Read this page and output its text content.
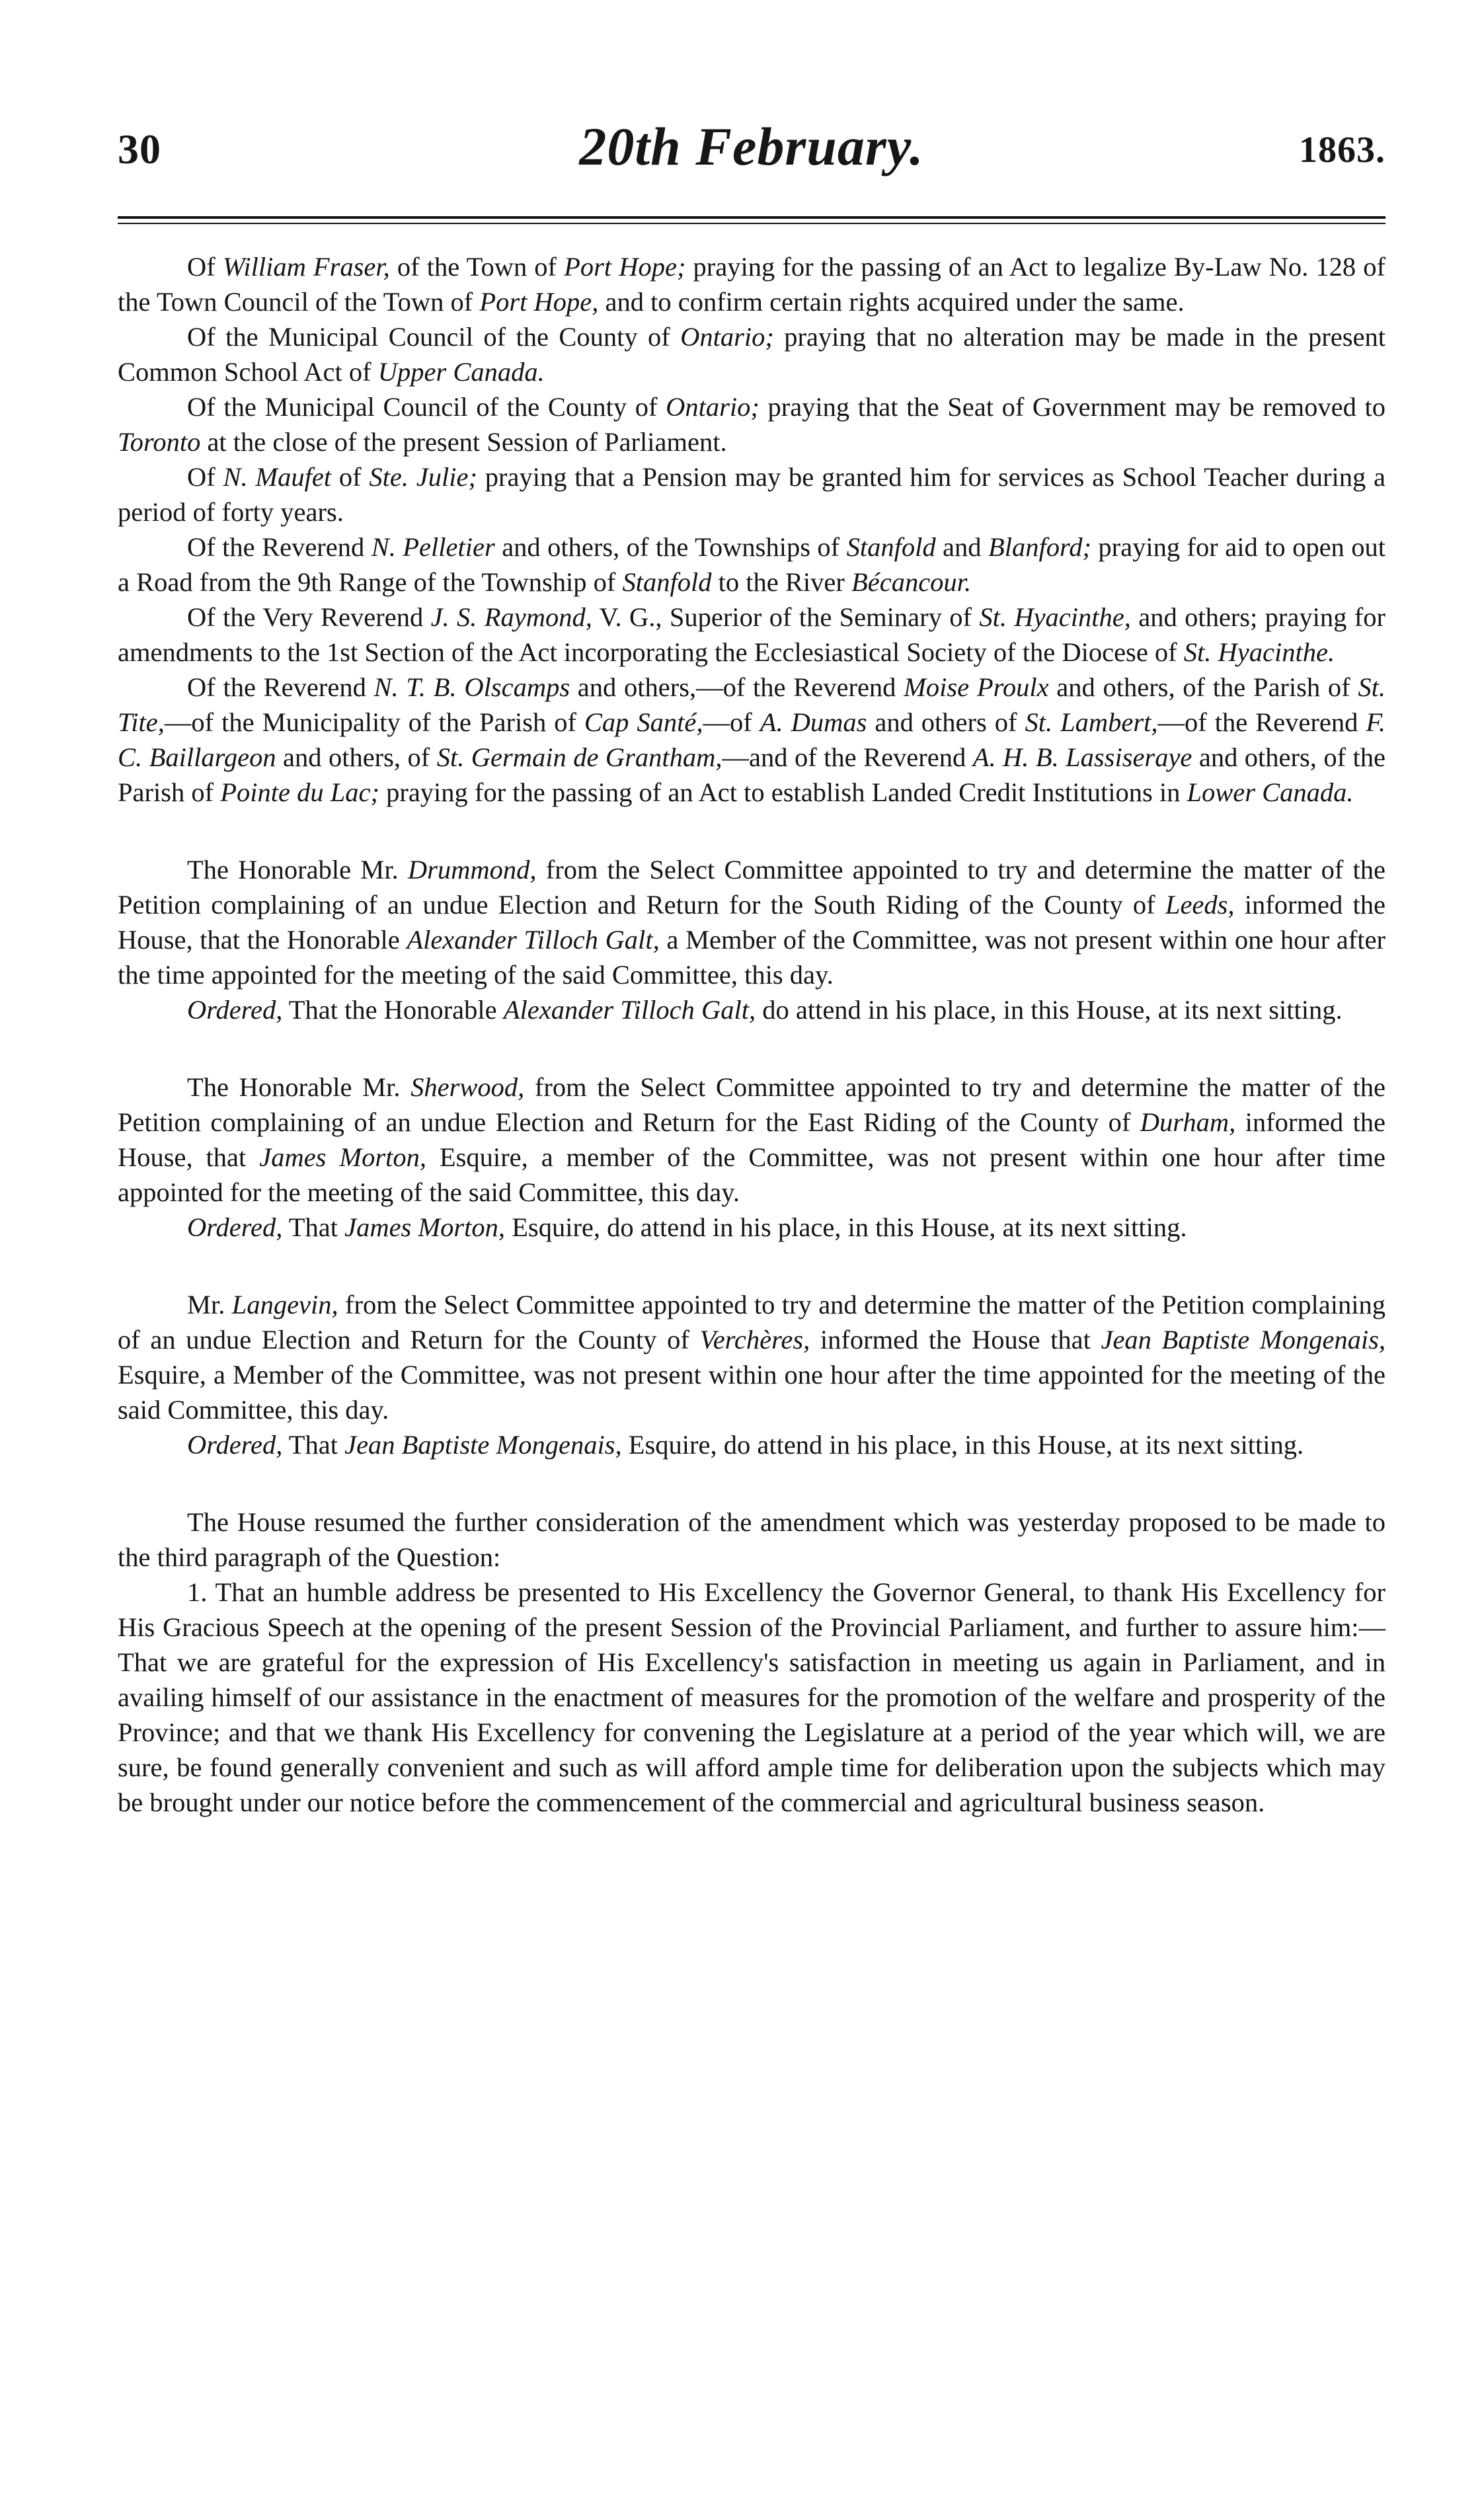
30	20th February.	1863.

Of William Fraser, of the Town of Port Hope; praying for the passing of an Act to legalize By-Law No. 128 of the Town Council of the Town of Port Hope, and to confirm certain rights acquired under the same.

Of the Municipal Council of the County of Ontario; praying that no alteration may be made in the present Common School Act of Upper Canada.

Of the Municipal Council of the County of Ontario; praying that the Seat of Government may be removed to Toronto at the close of the present Session of Parliament.

Of N. Maufet of Ste. Julie; praying that a Pension may be granted him for services as School Teacher during a period of forty years.

Of the Reverend N. Pelletier and others, of the Townships of Stanfold and Blanford; praying for aid to open out a Road from the 9th Range of the Township of Stanfold to the River Bécancour.

Of the Very Reverend J. S. Raymond, V. G., Superior of the Seminary of St. Hyacinthe, and others; praying for amendments to the 1st Section of the Act incorporating the Ecclesiastical Society of the Diocese of St. Hyacinthe.

Of the Reverend N. T. B. Olscamps and others,—of the Reverend Moise Proulx and others, of the Parish of St. Tite,—of the Municipality of the Parish of Cap Santé,—of A. Dumas and others of St. Lambert,—of the Reverend F. C. Baillargeon and others, of St. Germain de Grantham,—and of the Reverend A. H. B. Lassiseraye and others, of the Parish of Pointe du Lac; praying for the passing of an Act to establish Landed Credit Institutions in Lower Canada.

The Honorable Mr. Drummond, from the Select Committee appointed to try and determine the matter of the Petition complaining of an undue Election and Return for the South Riding of the County of Leeds, informed the House, that the Honorable Alexander Tilloch Galt, a Member of the Committee, was not present within one hour after the time appointed for the meeting of the said Committee, this day.

Ordered, That the Honorable Alexander Tilloch Galt, do attend in his place, in this House, at its next sitting.

The Honorable Mr. Sherwood, from the Select Committee appointed to try and determine the matter of the Petition complaining of an undue Election and Return for the East Riding of the County of Durham, informed the House, that James Morton, Esquire, a member of the Committee, was not present within one hour after time appointed for the meeting of the said Committee, this day.

Ordered, That James Morton, Esquire, do attend in his place, in this House, at its next sitting.

Mr. Langevin, from the Select Committee appointed to try and determine the matter of the Petition complaining of an undue Election and Return for the County of Verchères, informed the House that Jean Baptiste Mongenais, Esquire, a Member of the Committee, was not present within one hour after the time appointed for the meeting of the said Committee, this day.

Ordered, That Jean Baptiste Mongenais, Esquire, do attend in his place, in this House, at its next sitting.

The House resumed the further consideration of the amendment which was yesterday proposed to be made to the third paragraph of the Question:

1. That an humble address be presented to His Excellency the Governor General, to thank His Excellency for His Gracious Speech at the opening of the present Session of the Provincial Parliament, and further to assure him:—That we are grateful for the expression of His Excellency's satisfaction in meeting us again in Parliament, and in availing himself of our assistance in the enactment of measures for the promotion of the welfare and prosperity of the Province; and that we thank His Excellency for convening the Legislature at a period of the year which will, we are sure, be found generally convenient and such as will afford ample time for deliberation upon the subjects which may be brought under our notice before the commencement of the commercial and agricultural business season.
